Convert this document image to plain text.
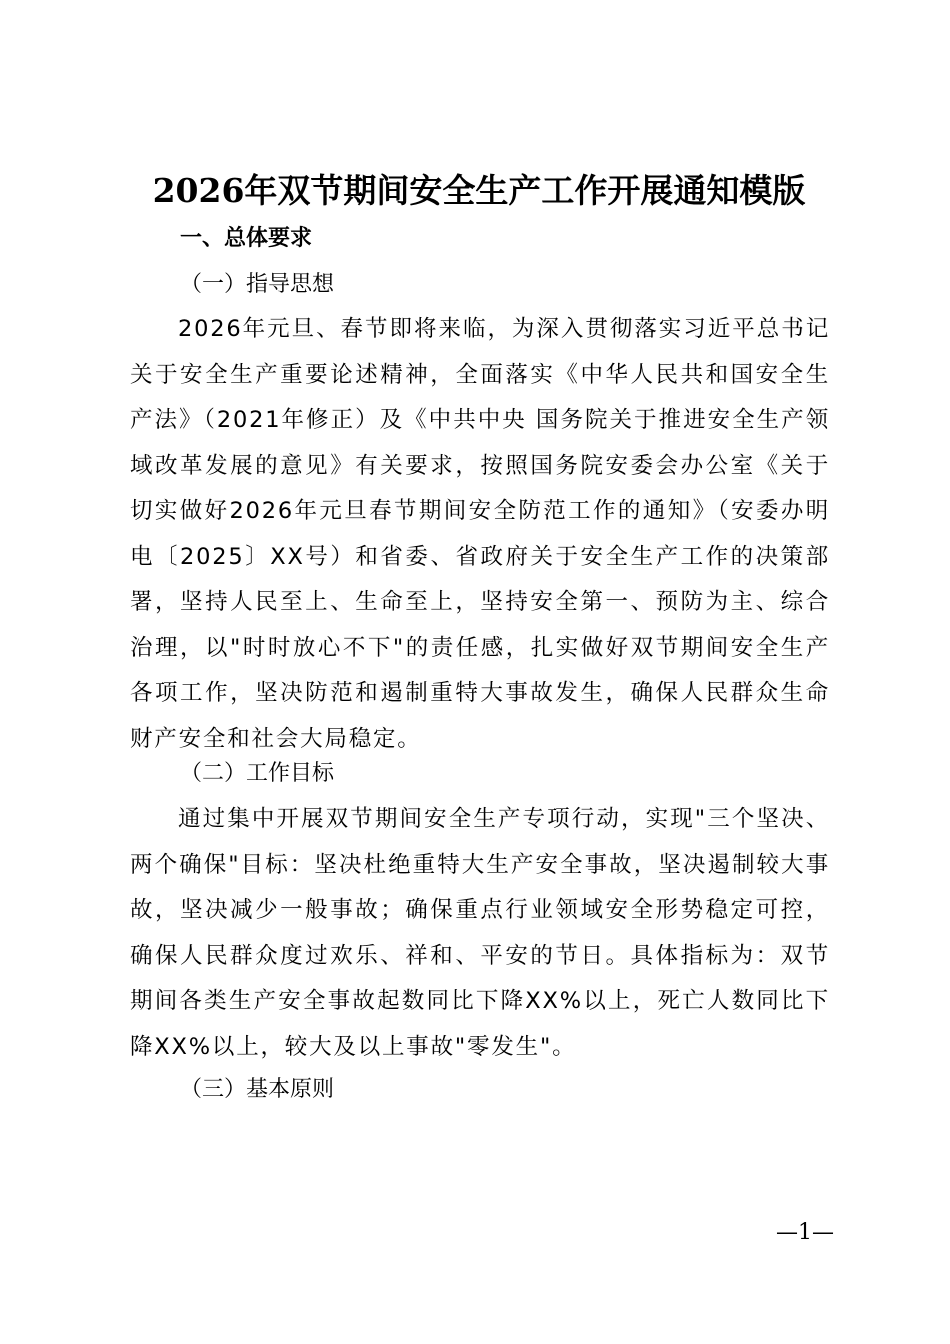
2026年双节期间安全生产工作开展通知模版
一、总体要求
（一）指导思想

2026年元旦、春节即将来临，为深入贯彻落实习近平总书记关于安全生产重要论述精神，全面落实《中华人民共和国安全生产法》（2021年修正）及《中共中央 国务院关于推进安全生产领域改革发展的意见》有关要求，按照国务院安委会办公室《关于切实做好2026年元旦春节期间安全防范工作的通知》（安委办明电〔2025〕XX号）和省委、省政府关于安全生产工作的决策部署，坚持人民至上、生命至上，坚持安全第一、预防为主、综合治理，以"时时放心不下"的责任感，扎实做好双节期间安全生产各项工作，坚决防范和遏制重特大事故发生，确保人民群众生命财产安全和社会大局稳定。

（二）工作目标

通过集中开展双节期间安全生产专项行动，实现"三个坚决、两个确保"目标：坚决杜绝重特大生产安全事故，坚决遏制较大事故，坚决减少一般事故；确保重点行业领域安全形势稳定可控，确保人民群众度过欢乐、祥和、平安的节日。具体指标为：双节期间各类生产安全事故起数同比下降XX%以上，死亡人数同比下降XX%以上，较大及以上事故"零发生"。

（三）基本原则
—1—
